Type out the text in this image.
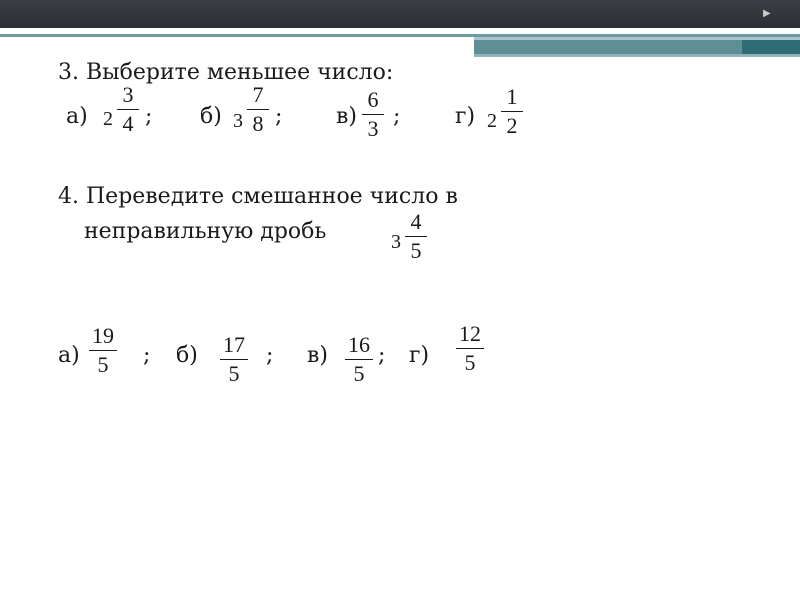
▶
3. Выберите меньшее число:
а) 2
3
4 ; б) 3
7
8 ; в)
6
3 ; г) 2
1
2
4. Переведите смешанное число в
неправильную дробь	3
4
5
а)
19
5	; б) 17
5
; в) 16
5
; г)
12
5
